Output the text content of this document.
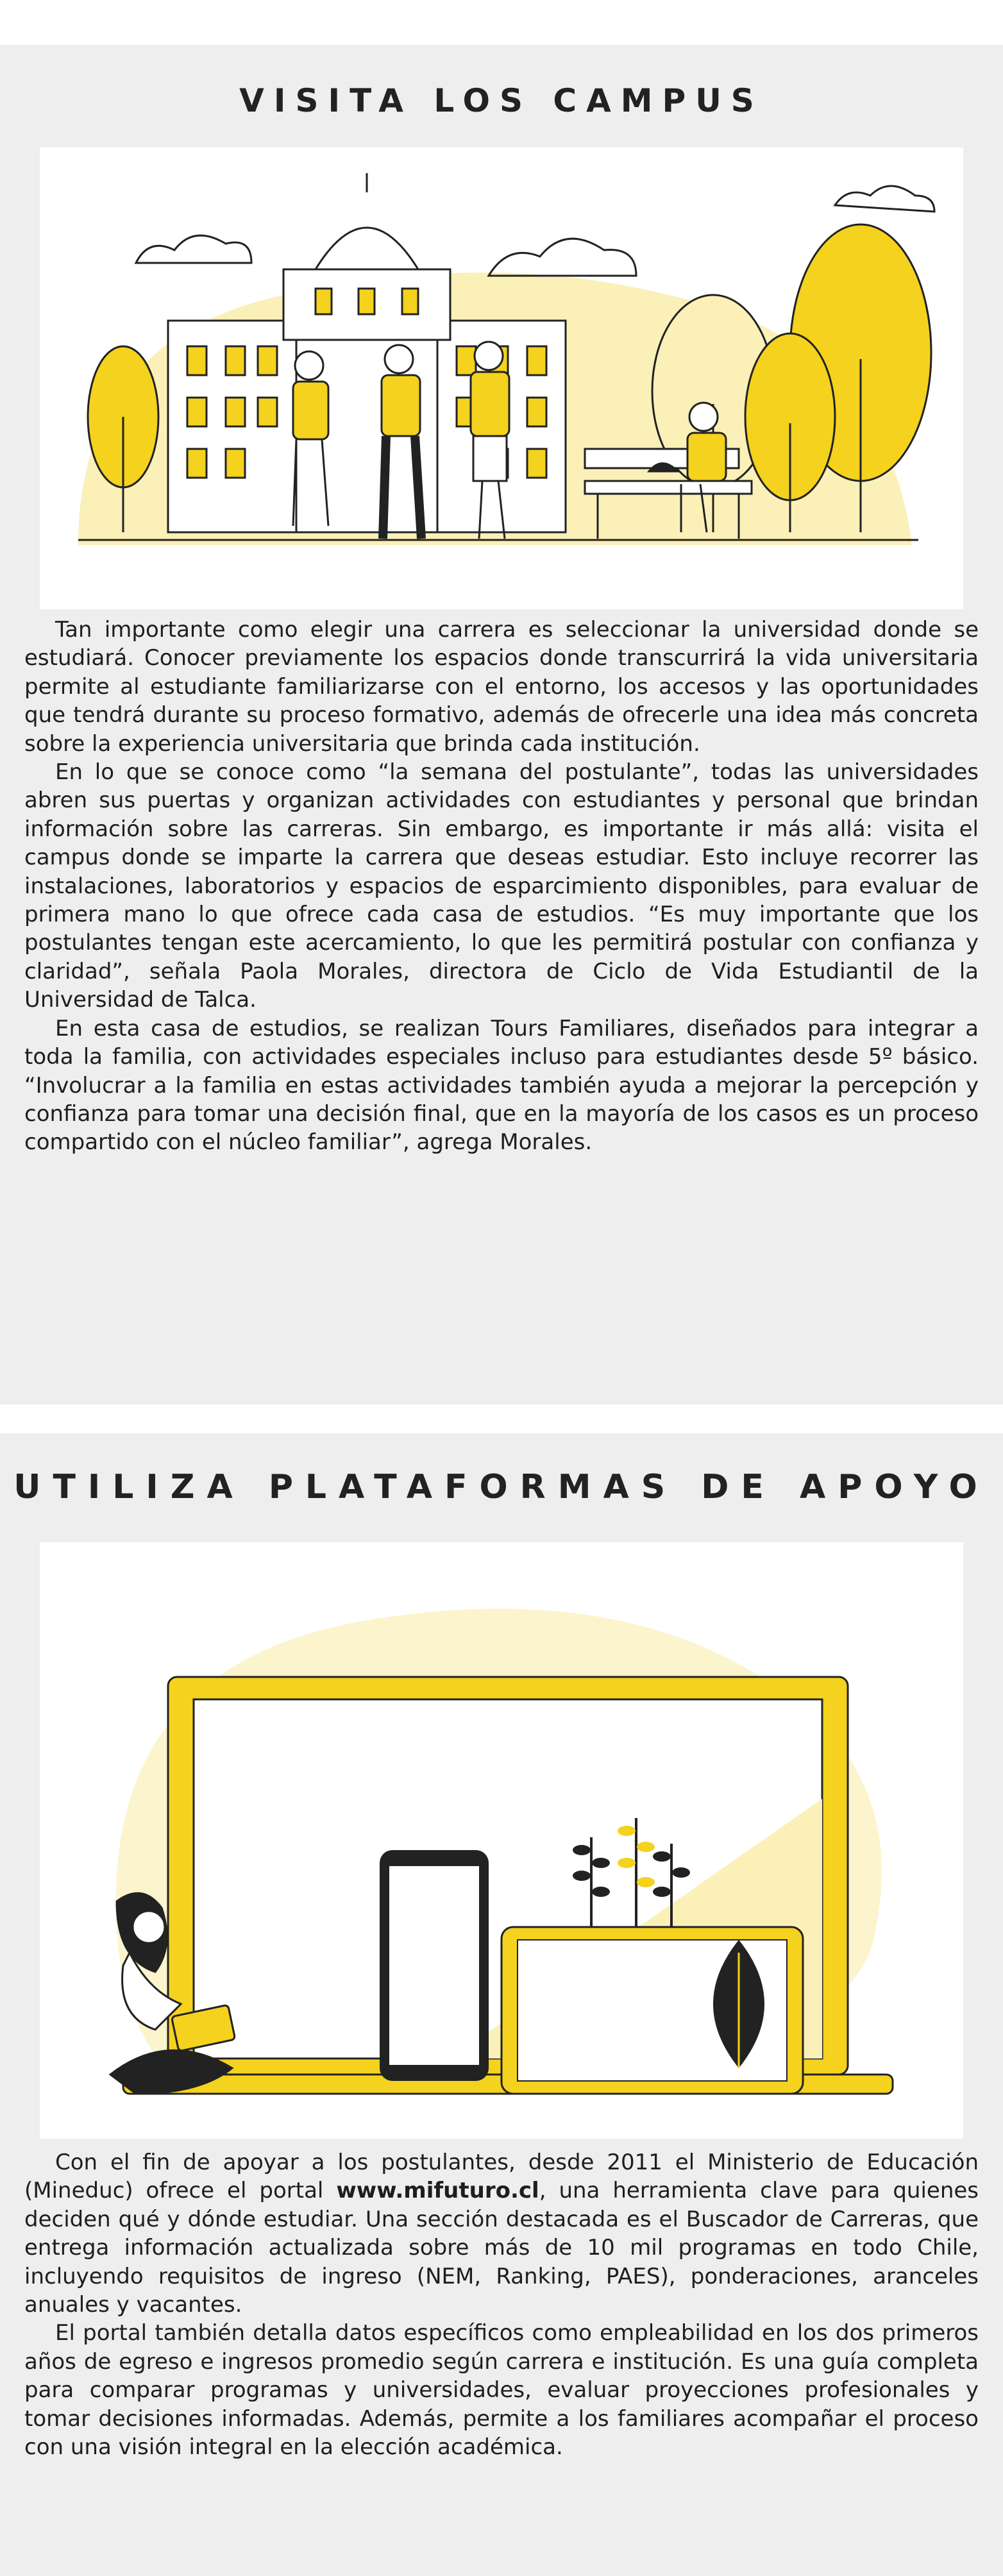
VISITA LOS CAMPUS

Tan importante como elegir una carrera es seleccionar la universidad donde se estudiará. Conocer previamente los espacios donde transcurrirá la vida universitaria permite al estudiante familiarizarse con el entorno, los accesos y las oportunidades que tendrá durante su proceso formativo, además de ofrecerle una idea más concreta sobre la experiencia universitaria que brinda cada institución.

En lo que se conoce como “la semana del postulante”, todas las universidades abren sus puertas y organizan actividades con estudiantes y personal que brindan información sobre las carreras. Sin embargo, es importante ir más allá: visita el campus donde se imparte la carrera que deseas estudiar. Esto incluye recorrer las instalaciones, laboratorios y espacios de esparcimiento disponibles, para evaluar de primera mano lo que ofrece cada casa de estudios. “Es muy importante que los postulantes tengan este acercamiento, lo que les permitirá postular con confianza y claridad”, señala Paola Morales, directora de Ciclo de Vida Estudiantil de la Universidad de Talca.

En esta casa de estudios, se realizan Tours Familiares, diseñados para integrar a toda la familia, con actividades especiales incluso para estudiantes desde 5º básico. “Involucrar a la familia en estas actividades también ayuda a mejorar la percepción y confianza para tomar una decisión final, que en la mayoría de los casos es un proceso compartido con el núcleo familiar”, agrega Morales.

UTILIZA PLATAFORMAS DE APOYO

Con el fin de apoyar a los postulantes, desde 2011 el Ministerio de Educación (Mineduc) ofrece el portal www.mifuturo.cl, una herramienta clave para quienes deciden qué y dónde estudiar. Una sección destacada es el Buscador de Carreras, que entrega información actualizada sobre más de 10 mil programas en todo Chile, incluyendo requisitos de ingreso (NEM, Ranking, PAES), ponderaciones, aranceles anuales y vacantes.

El portal también detalla datos específicos como empleabilidad en los dos primeros años de egreso e ingresos promedio según carrera e institución. Es una guía completa para comparar programas y universidades, evaluar proyecciones profesionales y tomar decisiones informadas. Además, permite a los familiares acompañar el proceso con una visión integral en la elección académica.
